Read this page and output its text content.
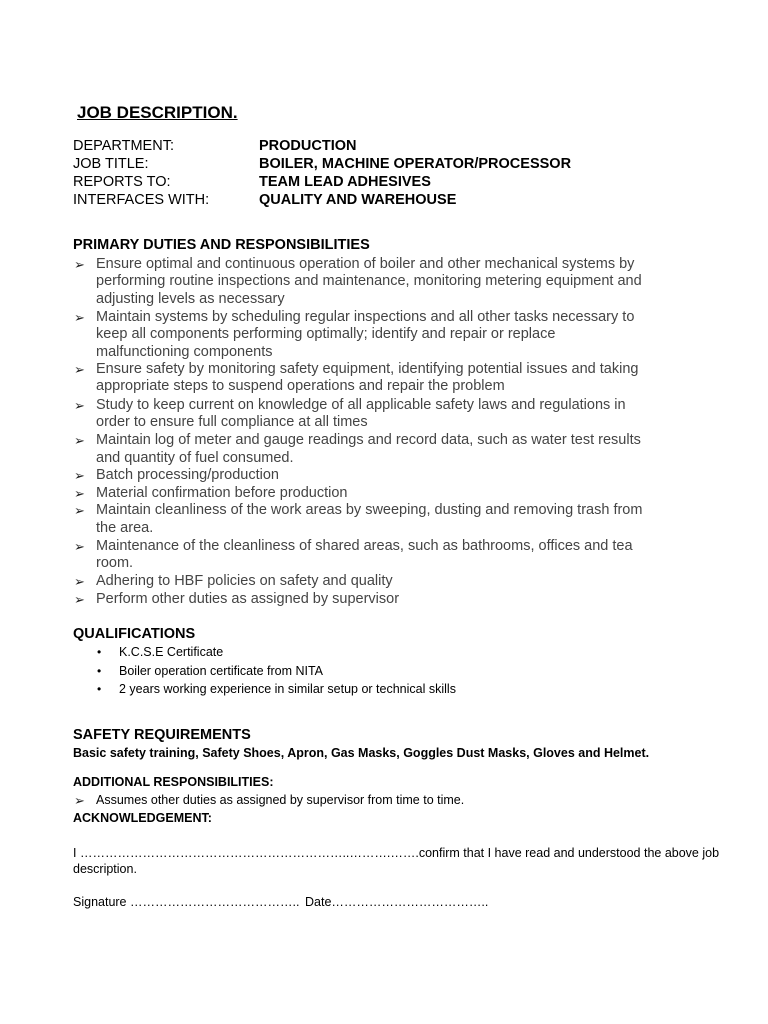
JOB DESCRIPTION.
DEPARTMENT:	PRODUCTION
JOB TITLE:	BOILER, MACHINE OPERATOR/PROCESSOR
REPORTS TO:	TEAM LEAD ADHESIVES
INTERFACES WITH:	QUALITY AND WAREHOUSE
PRIMARY DUTIES AND RESPONSIBILITIES
➢ Ensure optimal and continuous operation of boiler and other mechanical systems by
performing routine inspections and maintenance, monitoring metering equipment and
adjusting levels as necessary
➢ Maintain systems by scheduling regular inspections and all other tasks necessary to
keep all components performing optimally; identify and repair or replace
malfunctioning components
➢ Ensure safety by monitoring safety equipment, identifying potential issues and taking
appropriate steps to suspend operations and repair the problem
➢ Study to keep current on knowledge of all applicable safety laws and regulations in
order to ensure full compliance at all times
➢ Maintain log of meter and gauge readings and record data, such as water test results
and quantity of fuel consumed.
➢ Batch processing/production
➢ Material confirmation before production
➢ Maintain cleanliness of the work areas by sweeping, dusting and removing trash from
the area.
➢ Maintenance of the cleanliness of shared areas, such as bathrooms, offices and tea
room.
➢ Adhering to HBF policies on safety and quality
➢ Perform other duties as assigned by supervisor
QUALIFICATIONS
• K.C.S.E Certificate
• Boiler operation certificate from NITA
• 2 years working experience in similar setup or technical skills
SAFETY REQUIREMENTS
Basic safety training, Safety Shoes, Apron, Gas Masks, Goggles Dust Masks, Gloves and Helmet.
ADDITIONAL RESPONSIBILITIES:
➢ Assumes other duties as assigned by supervisor from time to time.
ACKNOWLEDGEMENT:
I ………………………………………………………..……….…….confirm that I have read and understood the above job
description.
Signature ………………………………….. Date………………………………..
